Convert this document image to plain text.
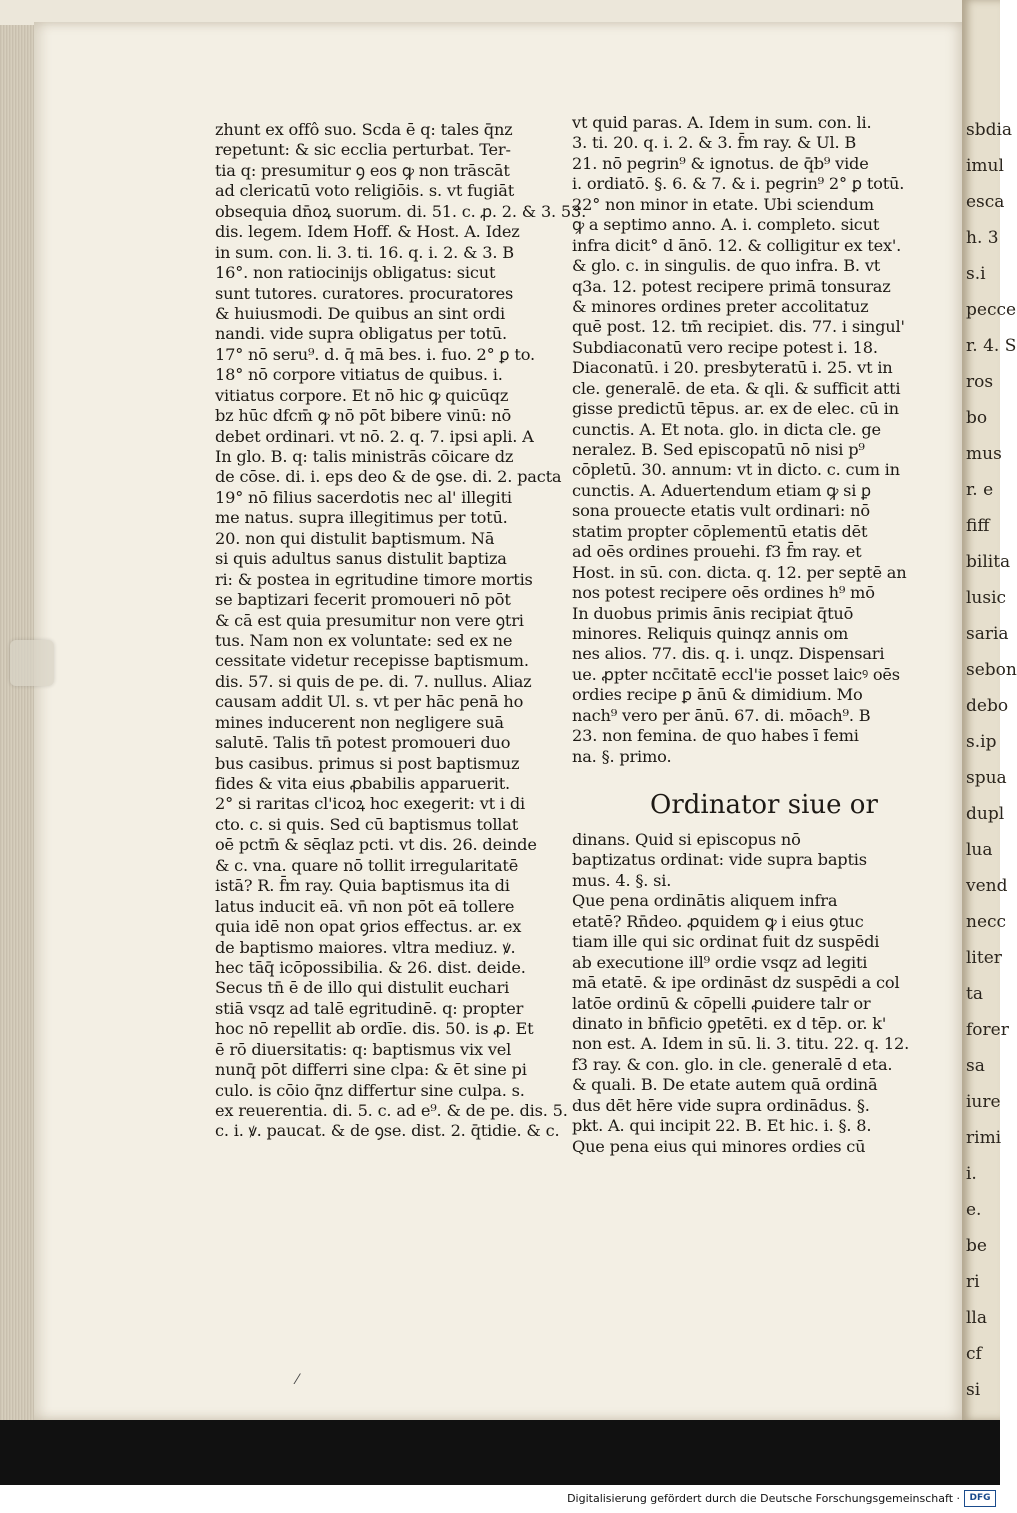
sbdia
imul
esca
h. 3
s.i
pecce
r. 4. S
ros
bo
mus
r. e
fiff
bilita
lusic
saria
sebon
debo
s.ip
spua
dupl
lua
vend
necc
liter
ta
forer
sa
iure
rimi
i.
e.
be
ri
lla
cf
si
zhunt ex offô suo. Scda ē q: tales q̄nz
repetunt: & sic ecclia perturbat. Ter-
tia q: presumitur ꝯ eos ꝙ non trāscāt
ad clericatū voto religiōis. s. vt fugiāt
obsequia dn̄oꝝ suorum. di. 51. c. ꝓ. 2. & 3. 53.
dis. legem. Idem Hoff. & Host. A. Idez
in sum. con. li. 3. ti. 16. q. i. 2. & 3. B
16°. non ratiocinijs obligatus: sicut
sunt tutores. curatores. procuratores
& huiusmodi. De quibus an sint ordi
nandi. vide supra obligatus per totū.
17° nō seru⁹. d. q̄ mā bes. i. fuo. 2° ꝑ to.
18° nō corpore vitiatus de quibus. i.
vitiatus corpore. Et nō hic ꝙ quicūqz
bz hūc dfcm̄ ꝙ nō pōt bibere vinū: nō
debet ordinari. vt nō. 2. q. 7. ipsi apli. A
In glo. B. q: talis ministrās cōicare dz
de cōse. di. i. eps deo & de ꝯse. di. 2. pacta
19° nō filius sacerdotis nec al' illegiti
me natus. supra illegitimus per totū.
20. non qui distulit baptismum. Nā
si quis adultus sanus distulit baptiza
ri: & postea in egritudine timore mortis
se baptizari fecerit promoueri nō pōt
& cā est quia presumitur non vere ꝯtri
tus. Nam non ex voluntate: sed ex ne
cessitate videtur recepisse baptismum.
dis. 57. si quis de pe. di. 7. nullus. Aliaz
causam addit Ul. s. vt per hāc penā ho
mines inducerent non negligere suā
salutē. Talis tn̄ potest promoueri duo
bus casibus. primus si post baptismuz
fides & vita eius ꝓbabilis apparuerit.
2° si raritas cl'icoꝝ hoc exegerit: vt i di
cto. c. si quis. Sed cū baptismus tollat
oē pctm̄ & sēqlaz pcti. vt dis. 26. deinde
& c. vna. quare nō tollit irregularitatē
istā? R. f̄m ray. Quia baptismus ita di
latus inducit eā. vn̄ non pōt eā tollere
quia idē non opat ꝯrios effectus. ar. ex
de baptismo maiores. vltra mediuz. ꝟ.
hec tāq̄ icōpossibilia. & 26. dist. deide.
Secus tn̄ ē de illo qui distulit euchari
stiā vsqz ad talē egritudinē. q: propter
hoc nō repellit ab ordīe. dis. 50. is ꝓ. Et
ē rō diuersitatis: q: baptismus vix vel
nunq̄ pōt differri sine clpa: & ēt sine pi
culo. is cōio q̄nz differtur sine culpa. s.
ex reuerentia. di. 5. c. ad e⁹. & de pe. dis. 5.
c. i. ꝟ. paucat. & de ꝯse. dist. 2. q̄tidie. & c.
vt quid paras. A. Idem in sum. con. li.
3. ti. 20. q. i. 2. & 3. f̄m ray. & Ul. B
21. nō pegrin⁹ & ignotus. de q̄b⁹ vide
i. ordiatō. §. 6. & 7. & i. pegrin⁹ 2° ꝑ totū.
22° non minor in etate. Ubi sciendum
ꝙ a septimo anno. A. i. completo. sicut
infra dicit° d ānō. 12. & colligitur ex tex'.
& glo. c. in singulis. de quo infra. B. vt
q3a. 12. potest recipere primā tonsuraz
& minores ordines preter accolitatuz
quē post. 12. tm̄ recipiet. dis. 77. i singul'
Subdiaconatū vero recipe potest i. 18.
Diaconatū. i 20. presbyteratū i. 25. vt in
cle. generalē. de eta. & qli. & sufficit atti
gisse predictū tēpus. ar. ex de elec. cū in
cunctis. A. Et nota. glo. in dicta cle. ge
neralez. B. Sed episcopatū nō nisi p⁹
cōpletū. 30. annum: vt in dicto. c. cum in
cunctis. A. Aduertendum etiam ꝙ si ꝑ
sona prouecte etatis vult ordinari: nō
statim propter cōplementū etatis dēt
ad oēs ordines prouehi. f3 f̄m ray. et
Host. in sū. con. dicta. q. 12. per septē an
nos potest recipere oēs ordines h⁹ mō
In duobus primis ānis recipiat q̄tuō
minores. Reliquis quinqz annis om
nes alios. 77. dis. q. i. unqz. Dispensari
ue. ꝓpter ncc̄itatē eccl'ie posset laicꝰ oēs
ordies recipe ꝑ ānū & dimidium. Mo
nach⁹ vero per ānū. 67. di. mōach⁹. B
23. non femina. de quo habes ī femi
na. §. primo.
Ordinator siue or
dinans. Quid si episcopus nō
baptizatus ordinat: vide supra baptis
mus. 4. §. si.
Que pena ordinātis aliquem infra
etatē? Rn̄deo. ꝓquidem ꝙ i eius ꝯtuc
tiam ille qui sic ordinat fuit dz suspēdi
ab executione ill⁹ ordie vsqz ad legiti
mā etatē. & ipe ordināst dz suspēdi a col
latōe ordinū & cōpelli ꝓuidere talr or
dinato in bn̄ficio ꝯpetēti. ex d tēp. or. k'
non est. A. Idem in sū. li. 3. titu. 22. q. 12.
f3 ray. & con. glo. in cle. generalē d eta.
& quali. B. De etate autem quā ordinā
dus dēt hēre vide supra ordinādus. §.
pkt. A. qui incipit 22. B. Et hic. i. §. 8.
Que pena eius qui minores ordies cū
⁄
Digitalisierung gefördert durch die Deutsche Forschungsgemeinschaft ·	DFG
